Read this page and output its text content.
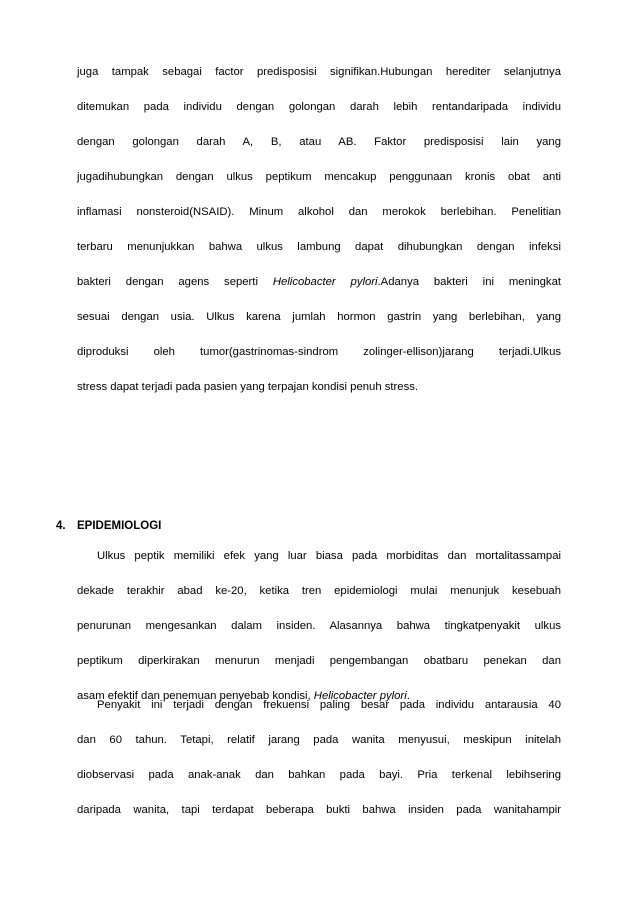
juga tampak sebagai factor predisposisi signifikan.Hubungan herediter selanjutnya

ditemukan pada individu dengan golongan darah lebih rentandaripada individu

dengan golongan darah A, B, atau AB. Faktor predisposisi lain yang

jugadihubungkan dengan ulkus peptikum mencakup penggunaan kronis obat anti

inflamasi nonsteroid(NSAID). Minum alkohol dan merokok berlebihan. Penelitian

terbaru menunjukkan bahwa ulkus lambung dapat dihubungkan dengan infeksi

bakteri dengan agens seperti Helicobacter pylori.Adanya bakteri ini meningkat

sesuai dengan usia. Ulkus karena jumlah hormon gastrin yang berlebihan, yang

diproduksi oleh tumor(gastrinomas-sindrom zolinger-ellison)jarang terjadi.Ulkus

stress dapat terjadi pada pasien yang terpajan kondisi penuh stress.

4. EPIDEMIOLOGI

Ulkus peptik memiliki efek yang luar biasa pada morbiditas dan mortalitassampai

dekade terakhir abad ke-20, ketika tren epidemiologi mulai menunjuk kesebuah

penurunan mengesankan dalam insiden. Alasannya bahwa tingkatpenyakit ulkus

peptikum diperkirakan menurun menjadi pengembangan obatbaru penekan dan

asam efektif dan penemuan penyebab kondisi, Helicobacter pylori.

Penyakit ini terjadi dengan frekuensi paling besar pada individu antarausia 40

dan 60 tahun. Tetapi, relatif jarang pada wanita menyusui, meskipun initelah

diobservasi pada anak-anak dan bahkan pada bayi. Pria terkenal lebihsering

daripada wanita, tapi terdapat beberapa bukti bahwa insiden pada wanitahampir
